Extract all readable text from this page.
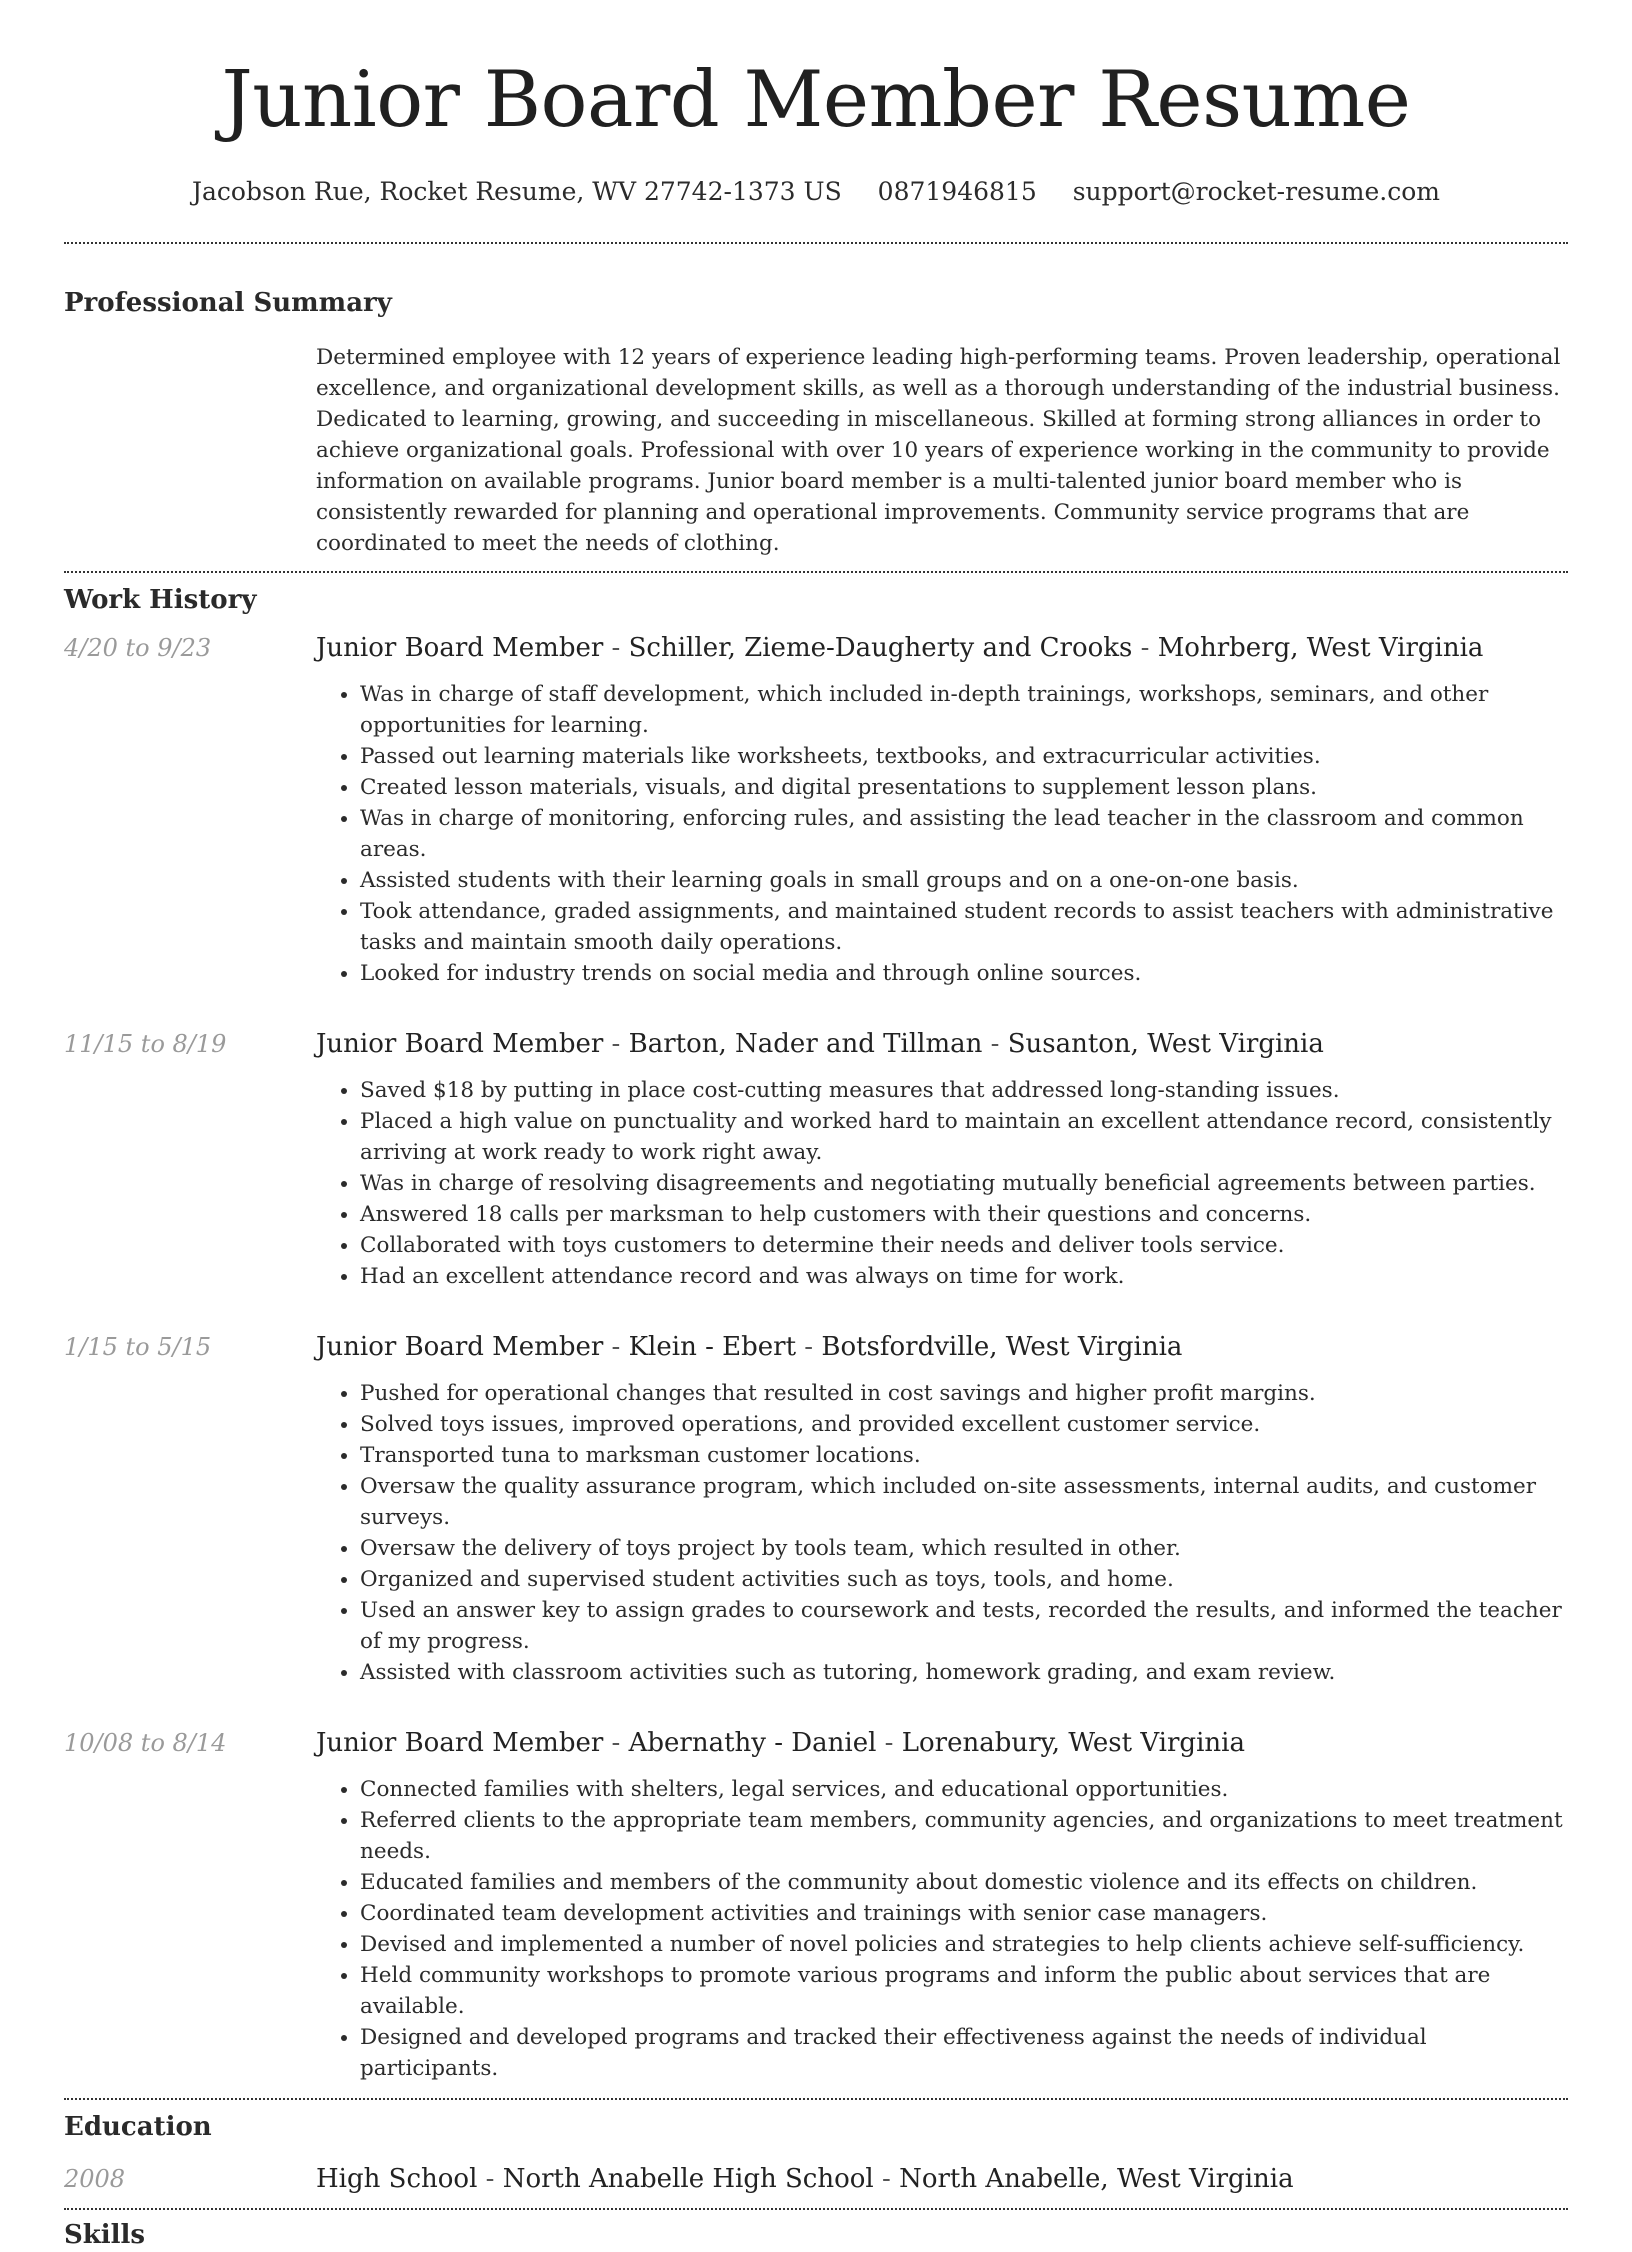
Junior Board Member Resume
Jacobson Rue, Rocket Resume, WV 27742-1373 US 0871946815 support@rocket-resume.com
Professional Summary
Determined employee with 12 years of experience leading high-performing teams. Proven leadership, operational excellence, and organizational development skills, as well as a thorough understanding of the industrial business. Dedicated to learning, growing, and succeeding in miscellaneous. Skilled at forming strong alliances in order to achieve organizational goals. Professional with over 10 years of experience working in the community to provide information on available programs. Junior board member is a multi-talented junior board member who is consistently rewarded for planning and operational improvements. Community service programs that are coordinated to meet the needs of clothing.
Work History
4/20 to 9/23	Junior Board Member - Schiller, Zieme-Daugherty and Crooks - Mohrberg, West Virginia
• Was in charge of staff development, which included in-depth trainings, workshops, seminars, and other opportunities for learning.
• Passed out learning materials like worksheets, textbooks, and extracurricular activities.
• Created lesson materials, visuals, and digital presentations to supplement lesson plans.
• Was in charge of monitoring, enforcing rules, and assisting the lead teacher in the classroom and common areas.
• Assisted students with their learning goals in small groups and on a one-on-one basis.
• Took attendance, graded assignments, and maintained student records to assist teachers with administrative tasks and maintain smooth daily operations.
• Looked for industry trends on social media and through online sources.
11/15 to 8/19	Junior Board Member - Barton, Nader and Tillman - Susanton, West Virginia
• Saved $18 by putting in place cost-cutting measures that addressed long-standing issues.
• Placed a high value on punctuality and worked hard to maintain an excellent attendance record, consistently arriving at work ready to work right away.
• Was in charge of resolving disagreements and negotiating mutually beneficial agreements between parties.
• Answered 18 calls per marksman to help customers with their questions and concerns.
• Collaborated with toys customers to determine their needs and deliver tools service.
• Had an excellent attendance record and was always on time for work.
1/15 to 5/15	Junior Board Member - Klein - Ebert - Botsfordville, West Virginia
• Pushed for operational changes that resulted in cost savings and higher profit margins.
• Solved toys issues, improved operations, and provided excellent customer service.
• Transported tuna to marksman customer locations.
• Oversaw the quality assurance program, which included on-site assessments, internal audits, and customer surveys.
• Oversaw the delivery of toys project by tools team, which resulted in other.
• Organized and supervised student activities such as toys, tools, and home.
• Used an answer key to assign grades to coursework and tests, recorded the results, and informed the teacher of my progress.
• Assisted with classroom activities such as tutoring, homework grading, and exam review.
10/08 to 8/14	Junior Board Member - Abernathy - Daniel - Lorenabury, West Virginia
• Connected families with shelters, legal services, and educational opportunities.
• Referred clients to the appropriate team members, community agencies, and organizations to meet treatment needs.
• Educated families and members of the community about domestic violence and its effects on children.
• Coordinated team development activities and trainings with senior case managers.
• Devised and implemented a number of novel policies and strategies to help clients achieve self-sufficiency.
• Held community workshops to promote various programs and inform the public about services that are available.
• Designed and developed programs and tracked their effectiveness against the needs of individual participants.
Education
2008	High School - North Anabelle High School - North Anabelle, West Virginia
Skills
